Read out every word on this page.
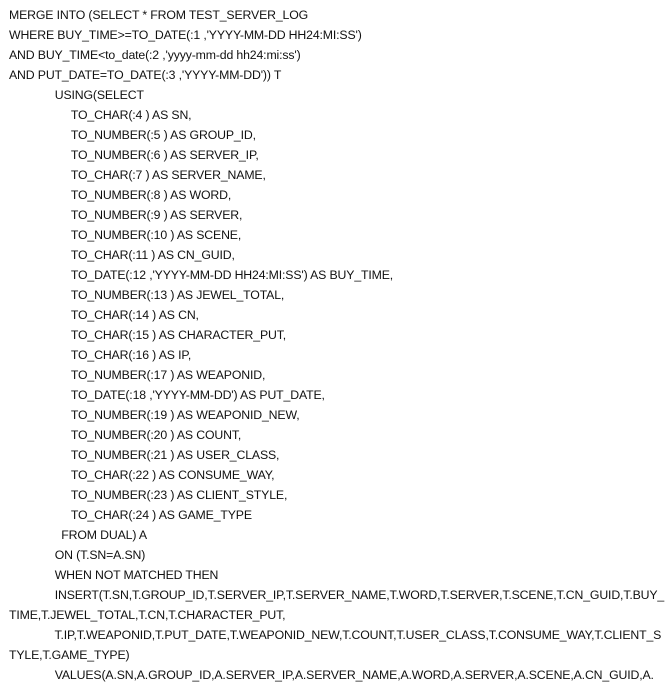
MERGE INTO (SELECT * FROM TEST_SERVER_LOG
WHERE BUY_TIME>=TO_DATE(:1 ,'YYYY-MM-DD HH24:MI:SS')
AND BUY_TIME<to_date(:2 ,'yyyy-mm-dd hh24:mi:ss')
AND PUT_DATE=TO_DATE(:3 ,'YYYY-MM-DD')) T
USING(SELECT
TO_CHAR(:4 ) AS SN,
TO_NUMBER(:5 ) AS GROUP_ID,
TO_NUMBER(:6 ) AS SERVER_IP,
TO_CHAR(:7 ) AS SERVER_NAME,
TO_NUMBER(:8 ) AS WORD,
TO_NUMBER(:9 ) AS SERVER,
TO_NUMBER(:10 ) AS SCENE,
TO_CHAR(:11 ) AS CN_GUID,
TO_DATE(:12 ,'YYYY-MM-DD HH24:MI:SS') AS BUY_TIME,
TO_NUMBER(:13 ) AS JEWEL_TOTAL,
TO_CHAR(:14 ) AS CN,
TO_CHAR(:15 ) AS CHARACTER_PUT,
TO_CHAR(:16 ) AS IP,
TO_NUMBER(:17 ) AS WEAPONID,
TO_DATE(:18 ,'YYYY-MM-DD') AS PUT_DATE,
TO_NUMBER(:19 ) AS WEAPONID_NEW,
TO_NUMBER(:20 ) AS COUNT,
TO_NUMBER(:21 ) AS USER_CLASS,
TO_CHAR(:22 ) AS CONSUME_WAY,
TO_NUMBER(:23 ) AS CLIENT_STYLE,
TO_CHAR(:24 ) AS GAME_TYPE
FROM DUAL) A
ON (T.SN=A.SN)
WHEN NOT MATCHED THEN
INSERT(T.SN,T.GROUP_ID,T.SERVER_IP,T.SERVER_NAME,T.WORD,T.SERVER,T.SCENE,T.CN_GUID,T.BUY_
TIME,T.JEWEL_TOTAL,T.CN,T.CHARACTER_PUT,
T.IP,T.WEAPONID,T.PUT_DATE,T.WEAPONID_NEW,T.COUNT,T.USER_CLASS,T.CONSUME_WAY,T.CLIENT_S
TYLE,T.GAME_TYPE)
VALUES(A.SN,A.GROUP_ID,A.SERVER_IP,A.SERVER_NAME,A.WORD,A.SERVER,A.SCENE,A.CN_GUID,A.
